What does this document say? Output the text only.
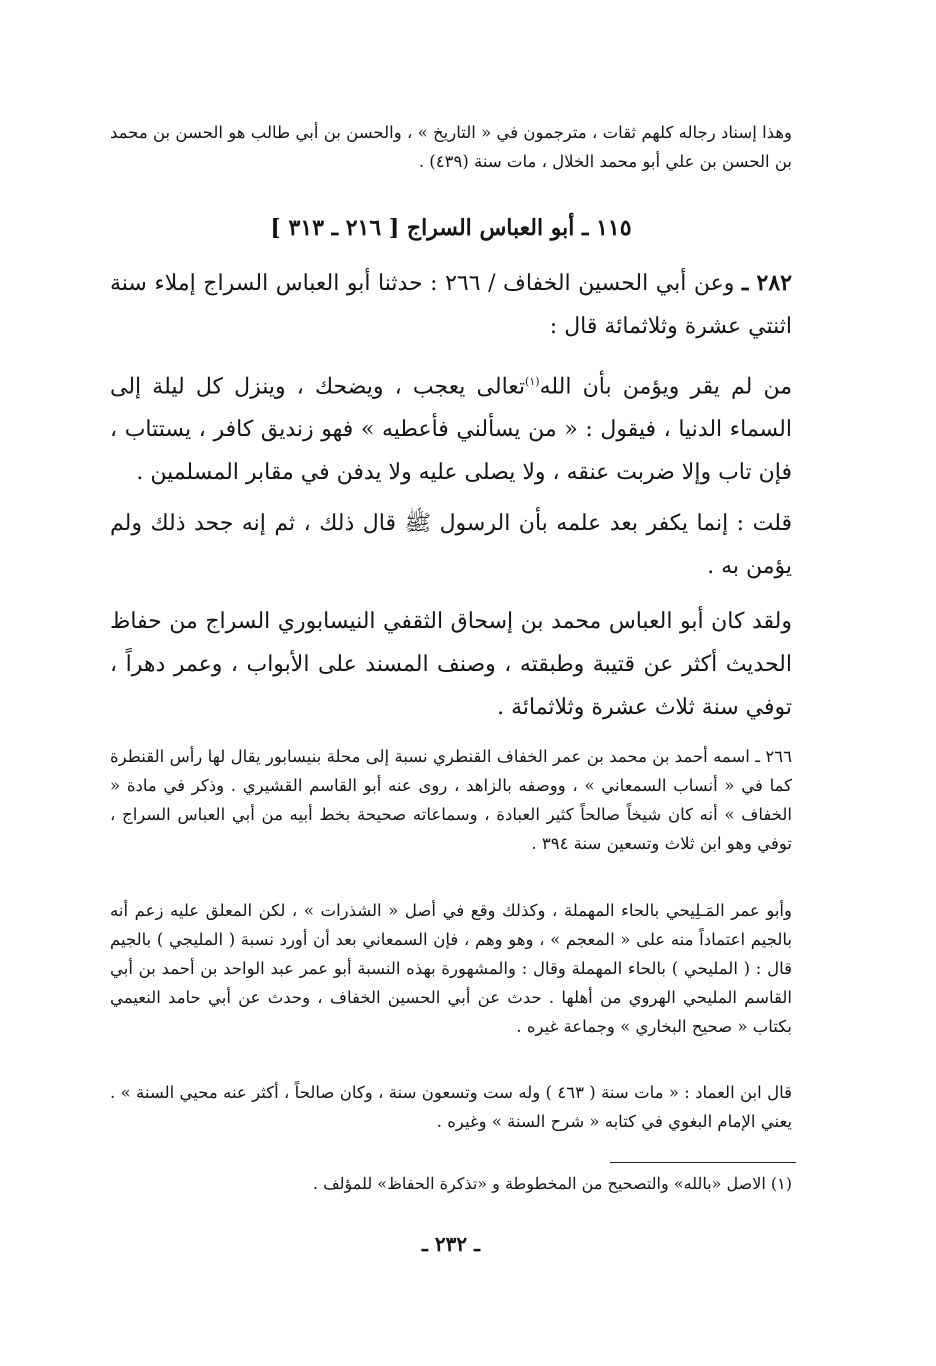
وهذا إسناد رجاله كلهم ثقات ، مترجمون في « التاريخ » ، والحسن بن أبي طالب هو الحسن بن محمد بن الحسن بن علي أبو محمد الخلال ، مات سنة (٤٣٩) .

١١٥ ـ أبو العباس السراج [ ٢١٦ ـ ٣١٣ ]

٢٨٢ ـ وعن أبي الحسين الخفاف / ٢٦٦ : حدثنا أبو العباس السراج إملاء سنة اثنتي عشرة وثلاثمائة قال :

من لم يقر ويؤمن بأن الله$^{(١)}$تعالى يعجب ، ويضحك ، وينزل كل ليلة إلى السماء الدنيا ، فيقول : « من يسألني فأعطيه » فهو زنديق كافر ، يستتاب ، فإن تاب وإلا ضربت عنقه ، ولا يصلى عليه ولا يدفن في مقابر المسلمين .

قلت : إنما يكفر بعد علمه بأن الرسول ﷺ قال ذلك ، ثم إنه جحد ذلك ولم يؤمن به .

ولقد كان أبو العباس محمد بن إسحاق الثقفي النيسابوري السراج من حفاظ الحديث أكثر عن قتيبة وطبقته ، وصنف المسند على الأبواب ، وعمر دهراً ، توفي سنة ثلاث عشرة وثلاثمائة .

٢٦٦ ـ اسمه أحمد بن محمد بن عمر الخفاف القنطري نسبة إلى محلة بنيسابور يقال لها رأس القنطرة كما في « أنساب السمعاني » ، ووصفه بالزاهد ، روى عنه أبو القاسم القشيري . وذكر في مادة « الخفاف » أنه كان شيخاً صالحاً كثير العبادة ، وسماعاته صحيحة بخط أبيه من أبي العباس السراج ، توفي وهو ابن ثلاث وتسعين سنة ٣٩٤ .

وأبو عمر المَـلِيحي بالحاء المهملة ، وكذلك وقع في أصل « الشذرات » ، لكن المعلق عليه زعم أنه بالجيم اعتماداً منه على « المعجم » ، وهو وهم ، فإن السمعاني بعد أن أورد نسبة ( المليجي ) بالجيم قال : ( المليحي ) بالحاء المهملة وقال : والمشهورة بهذه النسبة أبو عمر عبد الواحد بن أحمد بن أبي القاسم المليحي الهروي من أهلها . حدث عن أبي الحسين الخفاف ، وحدث عن أبي حامد النعيمي بكتاب « صحيح البخاري » وجماعة غيره .

قال ابن العماد : « مات سنة ( ٤٦٣ ) وله ست وتسعون سنة ، وكان صالحاً ، أكثر عنه محيي السنة » . يعني الإمام البغوي في كتابه « شرح السنة » وغيره .

(١) الاصل «بالله» والتصحيح من المخطوطة و «تذكرة الحفاظ» للمؤلف .

ـ ٢٣٢ ـ
